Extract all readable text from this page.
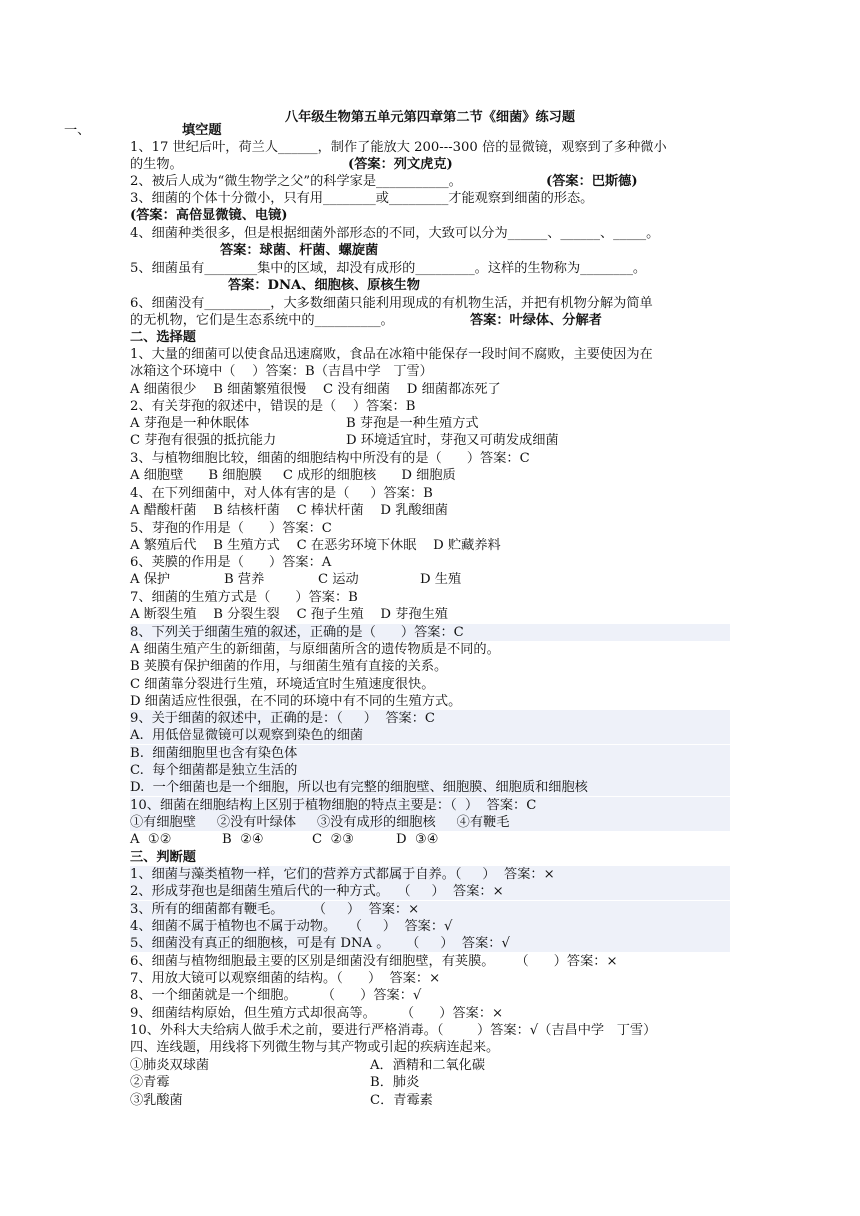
八年级生物第五单元第四章第二节《细菌》练习题
一、	填空题
1、17 世纪后叶，荷兰人______，制作了能放大 200---300 倍的显微镜，观察到了多种微小
的生物。	(答案：列文虎克)
2、被后人成为“微生物学之父”的科学家是___________。	(答案：巴斯德)
3、细菌的个体十分微小，只有用________或_________才能观察到细菌的形态。
(答案：高倍显微镜、电镜)
4、细菌种类很多，但是根据细菌外部形态的不同，大致可以分为______、______、_____。
答案：球菌、杆菌、螺旋菌
5、细菌虽有________集中的区域，却没有成形的_________。这样的生物称为________。
答案：DNA、细胞核、原核生物
6、细菌没有__________，大多数细菌只能利用现成的有机物生活，并把有机物分解为简单
的无机物，它们是生态系统中的__________。	答案：叶绿体、分解者
二、选择题
1、大量的细菌可以使食品迅速腐败，食品在冰箱中能保存一段时间不腐败，主要使因为在
冰箱这个环境中（    ）答案：B（吉昌中学   丁雪）
A 细菌很少    B 细菌繁殖很慢    C 没有细菌    D 细菌都冻死了
2、有关芽孢的叙述中，错误的是（    ）答案：B
A 芽孢是一种休眠体	B 芽孢是一种生殖方式
C 芽孢有很强的抵抗能力	D 环境适宜时，芽孢又可萌发成细菌
3、与植物细胞比较，细菌的细胞结构中所没有的是（      ）答案：C
A 细胞壁      B 细胞膜     C 成形的细胞核      D 细胞质
4、在下列细菌中，对人体有害的是（     ）答案：B
A 醋酸杆菌    B 结核杆菌    C 棒状杆菌    D 乳酸细菌
5、芽孢的作用是（      ）答案：C
A 繁殖后代    B 生殖方式    C 在恶劣环境下休眠    D 贮藏养料
6、荚膜的作用是（      ）答案：A
A 保护	B 营养	C 运动	D 生殖
7、细菌的生殖方式是（      ）答案：B
A 断裂生殖    B 分裂生裂    C 孢子生殖    D 芽孢生殖
8、下列关于细菌生殖的叙述，正确的是（      ）答案：C
A 细菌生殖产生的新细菌，与原细菌所含的遗传物质是不同的。
B 荚膜有保护细菌的作用，与细菌生殖有直接的关系。
C 细菌靠分裂进行生殖，环境适宜时生殖速度很快。
D 细菌适应性很强，在不同的环境中有不同的生殖方式。
9、关于细菌的叙述中，正确的是：（     ）  答案：C
A.  用低倍显微镜可以观察到染色的细菌
B.  细菌细胞里也含有染色体
C.  每个细菌都是独立生活的
D.  一个细菌也是一个细胞，所以也有完整的细胞壁、细胞膜、细胞质和细胞核
10、细菌在细胞结构上区别于植物细胞的特点主要是：（  ）  答案：C
①有细胞壁     ②没有叶绿体     ③没有成形的细胞核     ④有鞭毛
A  ①②	B  ②④	C  ②③	D  ③④
三、判断题
1、细菌与藻类植物一样，它们的营养方式都属于自养。（     ）  答案：×
2、形成芽孢也是细菌生殖后代的一种方式。  （     ）  答案：×
3、所有的细菌都有鞭毛。       （     ）  答案：×
4、细菌不属于植物也不属于动物。   （     ）  答案：√
5、细菌没有真正的细胞核，可是有 DNA 。    （     ）  答案：√
6、细菌与植物细胞最主要的区别是细菌没有细胞壁，有荚膜。     （      ）答案：×
7、用放大镜可以观察细菌的结构。（      ）  答案：×
8、一个细菌就是一个细胞。      （      ）答案：√
9、细菌结构原始，但生殖方式却很高等。      （      ）答案：×
10、外科大夫给病人做手术之前，要进行严格消毒。（        ）答案：√（吉昌中学   丁雪）
四、连线题，用线将下列微生物与其产物或引起的疾病连起来。
①肺炎双球菌	A．酒精和二氧化碳
②青霉	B．肺炎
③乳酸菌	C．青霉素
